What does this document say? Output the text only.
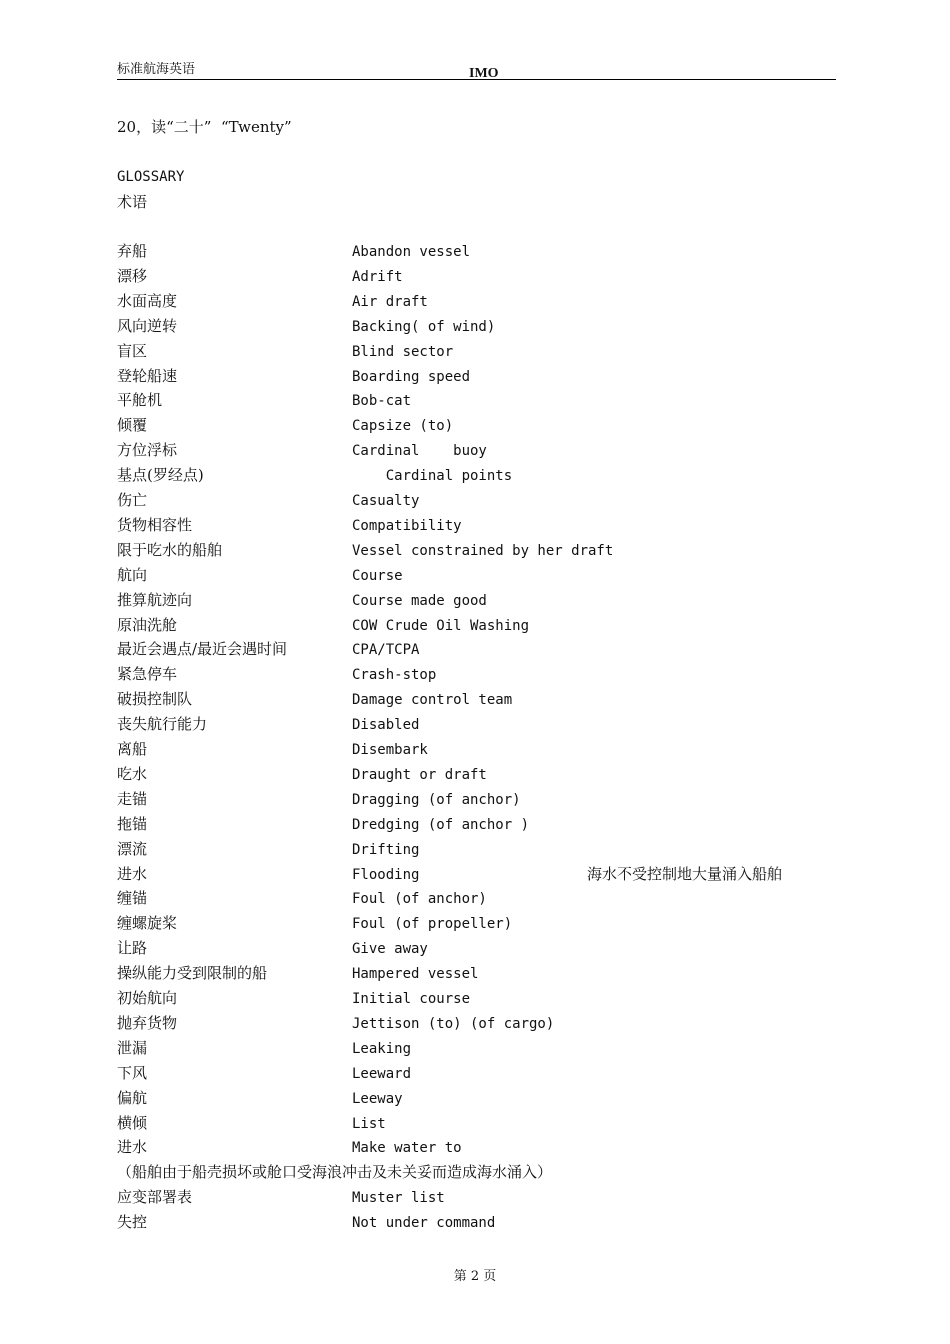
IMO
标准航海英语
20，读“二十”  “Twenty”
GLOSSARY
术语
弃船	Abandon vessel
漂移	Adrift
水面高度	Air draft
风向逆转	Backing( of wind)
盲区	Blind sector
登轮船速	Boarding speed
平舱机	Bob-cat
倾覆	Capsize (to)
方位浮标	Cardinal    buoy
基点(罗经点)	Cardinal points
伤亡	Casualty
货物相容性	Compatibility
限于吃水的船舶	Vessel constrained by her draft
航向	Course
推算航迹向	Course made good
原油洗舱	COW Crude Oil Washing
最近会遇点/最近会遇时间	CPA/TCPA
紧急停车	Crash-stop
破损控制队	Damage control team
丧失航行能力	Disabled
离船	Disembark
吃水	Draught or draft
走锚	Dragging (of anchor)
拖锚	Dredging (of anchor )
漂流	Drifting
进水	Flooding	海水不受控制地大量涌入船舶
缠锚	Foul (of anchor)
缠螺旋桨	Foul (of propeller)
让路	Give away
操纵能力受到限制的船	Hampered vessel
初始航向	Initial course
抛弃货物	Jettison (to) (of cargo)
泄漏	Leaking
下风	Leeward
偏航	Leeway
横倾	List
进水	Make water to
（船舶由于船壳损坏或舱口受海浪冲击及未关妥而造成海水涌入）
应变部署表	Muster list
失控	Not under command
第 2 页
